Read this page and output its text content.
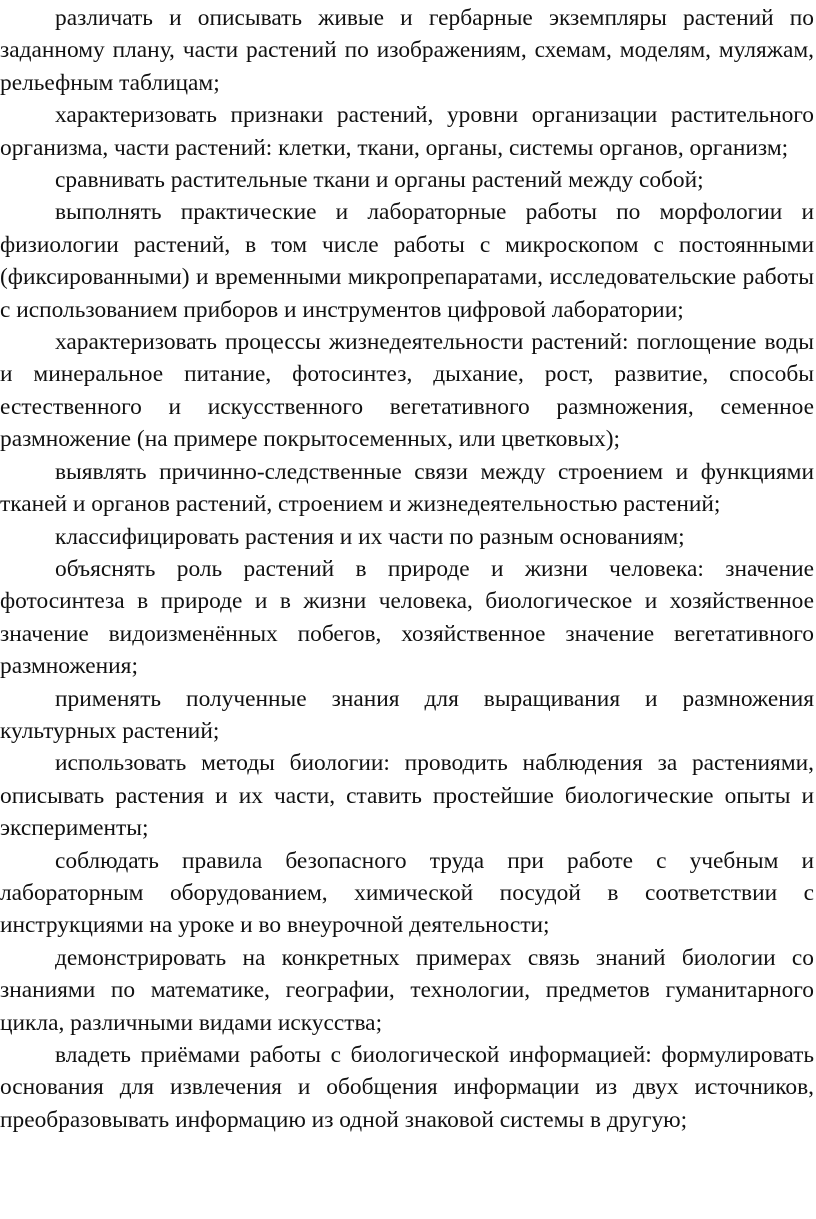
различать и описывать живые и гербарные экземпляры растений по заданному плану, части растений по изображениям, схемам, моделям, муляжам, рельефным таблицам;

характеризовать признаки растений, уровни организации растительного организма, части растений: клетки, ткани, органы, системы органов, организм;

сравнивать растительные ткани и органы растений между собой;

выполнять практические и лабораторные работы по морфологии и физиологии растений, в том числе работы с микроскопом с постоянными (фиксированными) и временными микропрепаратами, исследовательские работы с использованием приборов и инструментов цифровой лаборатории;

характеризовать процессы жизнедеятельности растений: поглощение воды и минеральное питание, фотосинтез, дыхание, рост, развитие, способы естественного и искусственного вегетативного размножения, семенное размножение (на примере покрытосеменных, или цветковых);

выявлять причинно-следственные связи между строением и функциями тканей и органов растений, строением и жизнедеятельностью растений;

классифицировать растения и их части по разным основаниям;

объяснять роль растений в природе и жизни человека: значение фотосинтеза в природе и в жизни человека, биологическое и хозяйственное значение видоизменённых побегов, хозяйственное значение вегетативного размножения;

применять полученные знания для выращивания и размножения культурных растений;

использовать методы биологии: проводить наблюдения за растениями, описывать растения и их части, ставить простейшие биологические опыты и эксперименты;

соблюдать правила безопасного труда при работе с учебным и лабораторным оборудованием, химической посудой в соответствии с инструкциями на уроке и во внеурочной деятельности;

демонстрировать на конкретных примерах связь знаний биологии со знаниями по математике, географии, технологии, предметов гуманитарного цикла, различными видами искусства;

владеть приёмами работы с биологической информацией: формулировать основания для извлечения и обобщения информации из двух источников, преобразовывать информацию из одной знаковой системы в другую;
